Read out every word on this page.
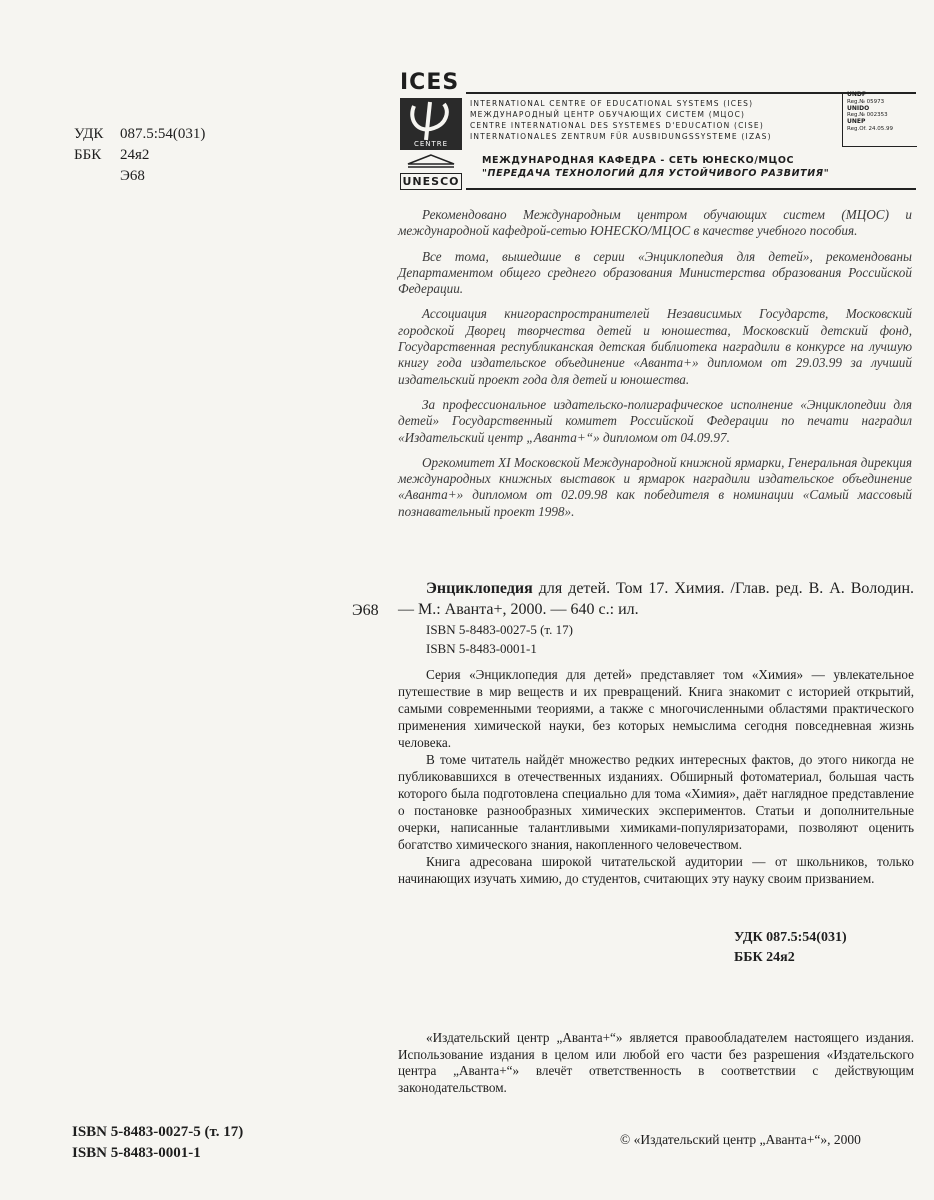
УДК 087.5:54(031)
ББК 24я2
Э68
ICES
CENTRE
UNESCO
INTERNATIONAL CENTRE OF EDUCATIONAL SYSTEMS (ICES)
МЕЖДУНАРОДНЫЙ ЦЕНТР ОБУЧАЮЩИХ СИСТЕМ (МЦОС)
CENTRE INTERNATIONAL DES SYSTEMES D'EDUCATION (CISE)
INTERNATIONALES ZENTRUM FÜR AUSBIDUNGSSYSTEME (IZAS)
UNDP
Reg.№ 05973
UNIDO
Reg.№ 002353
UNEP
Reg.Of. 24.05.99
МЕЖДУНАРОДНАЯ КАФЕДРА - СЕТЬ ЮНЕСКО/МЦОС
"ПЕРЕДАЧА ТЕХНОЛОГИЙ ДЛЯ УСТОЙЧИВОГО РАЗВИТИЯ"

Рекомендовано Международным центром обучающих систем (МЦОС) и международной кафедрой-сетью ЮНЕСКО/МЦОС в качестве учебного пособия.

Все тома, вышедшие в серии «Энциклопедия для детей», рекомендованы Департаментом общего среднего образования Министерства образования Российской Федерации.

Ассоциация книгораспространителей Независимых Государств, Московский городской Дворец творчества детей и юношества, Московский детский фонд, Государственная республиканская детская библиотека наградили в конкурсе на лучшую книгу года издательское объединение «Аванта+» дипломом от 29.03.99 за лучший издательский проект года для детей и юношества.

За профессиональное издательско-полиграфическое исполнение «Энциклопедии для детей» Государственный комитет Российской Федерации по печати наградил «Издательский центр „Аванта+“» дипломом от 04.09.97.

Оргкомитет XI Московской Международной книжной ярмарки, Генеральная дирекция международных книжных выставок и ярмарок наградили издательское объединение «Аванта+» дипломом от 02.09.98 как победителя в номинации «Самый массовый познавательный проект 1998».

Э68
Энциклопедия для детей. Том 17. Химия. /Глав. ред. В. А. Володин. — М.: Аванта+, 2000. — 640 с.: ил.
ISBN 5-8483-0027-5 (т. 17)
ISBN 5-8483-0001-1

Серия «Энциклопедия для детей» представляет том «Химия» — увлекательное путешествие в мир веществ и их превращений. Книга знакомит с историей открытий, самыми современными теориями, а также с многочисленными областями практического применения химической науки, без которых немыслима сегодня повседневная жизнь человека.

В томе читатель найдёт множество редких интересных фактов, до этого никогда не публиковавшихся в отечественных изданиях. Обширный фотоматериал, большая часть которого была подготовлена специально для тома «Химия», даёт наглядное представление о постановке разнообразных химических экспериментов. Статьи и дополнительные очерки, написанные талантливыми химиками-популяризаторами, позволяют оценить богатство химического знания, накопленного человечеством.

Книга адресована широкой читательской аудитории — от школьников, только начинающих изучать химию, до студентов, считающих эту науку своим призванием.

УДК 087.5:54(031)
ББК 24я2

«Издательский центр „Аванта+“» является правообладателем настоящего издания. Использование издания в целом или любой его части без разрешения «Издательского центра „Аванта+“» влечёт ответственность в соответствии с действующим законодательством.

ISBN 5-8483-0027-5 (т. 17)
ISBN 5-8483-0001-1
© «Издательский центр „Аванта+“», 2000
